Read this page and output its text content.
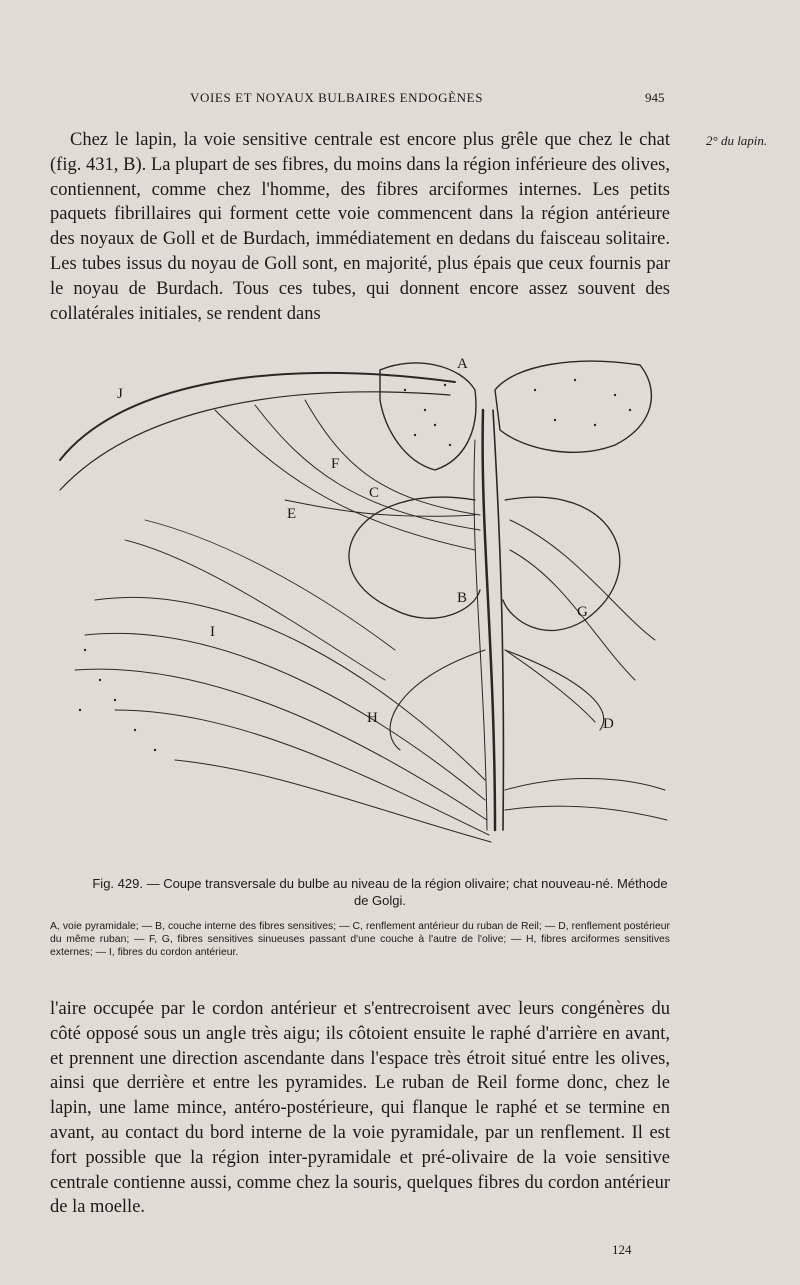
VOIES ET NOYAUX BULBAIRES ENDOGÈNES	945
2° du lapin.

Chez le lapin, la voie sensitive centrale est encore plus grêle que chez le chat (fig. 431, B). La plupart de ses fibres, du moins dans la région inférieure des olives, contiennent, comme chez l'homme, des fibres arciformes internes. Les petits paquets fibrillaires qui forment cette voie commencent dans la région antérieure des noyaux de Goll et de Burdach, immédiatement en dedans du faisceau solitaire. Les tubes issus du noyau de Goll sont, en majorité, plus épais que ceux fournis par le noyau de Burdach. Tous ces tubes, qui donnent encore assez souvent des collatérales initiales, se rendent dans

A
B
C
D
E
F
G
H
I
J
Fig. 429. — Coupe transversale du bulbe au niveau de la région olivaire; chat nouveau-né. Méthode de Golgi.
A, voie pyramidale; — B, couche interne des fibres sensitives; — C, renflement antérieur du ruban de Reil; — D, renflement postérieur du même ruban; — F, G, fibres sensitives sinueuses passant d'une couche à l'autre de l'olive; — H, fibres arciformes sensitives externes; — I, fibres du cordon antérieur.

l'aire occupée par le cordon antérieur et s'entrecroisent avec leurs congénères du côté opposé sous un angle très aigu; ils côtoient ensuite le raphé d'arrière en avant, et prennent une direction ascendante dans l'espace très étroit situé entre les olives, ainsi que derrière et entre les pyramides. Le ruban de Reil forme donc, chez le lapin, une lame mince, antéro-postérieure, qui flanque le raphé et se termine en avant, au contact du bord interne de la voie pyramidale, par un renflement. Il est fort possible que la région inter-pyramidale et pré-olivaire de la voie sensitive centrale contienne aussi, comme chez la souris, quelques fibres du cordon antérieur de la moelle.

124
